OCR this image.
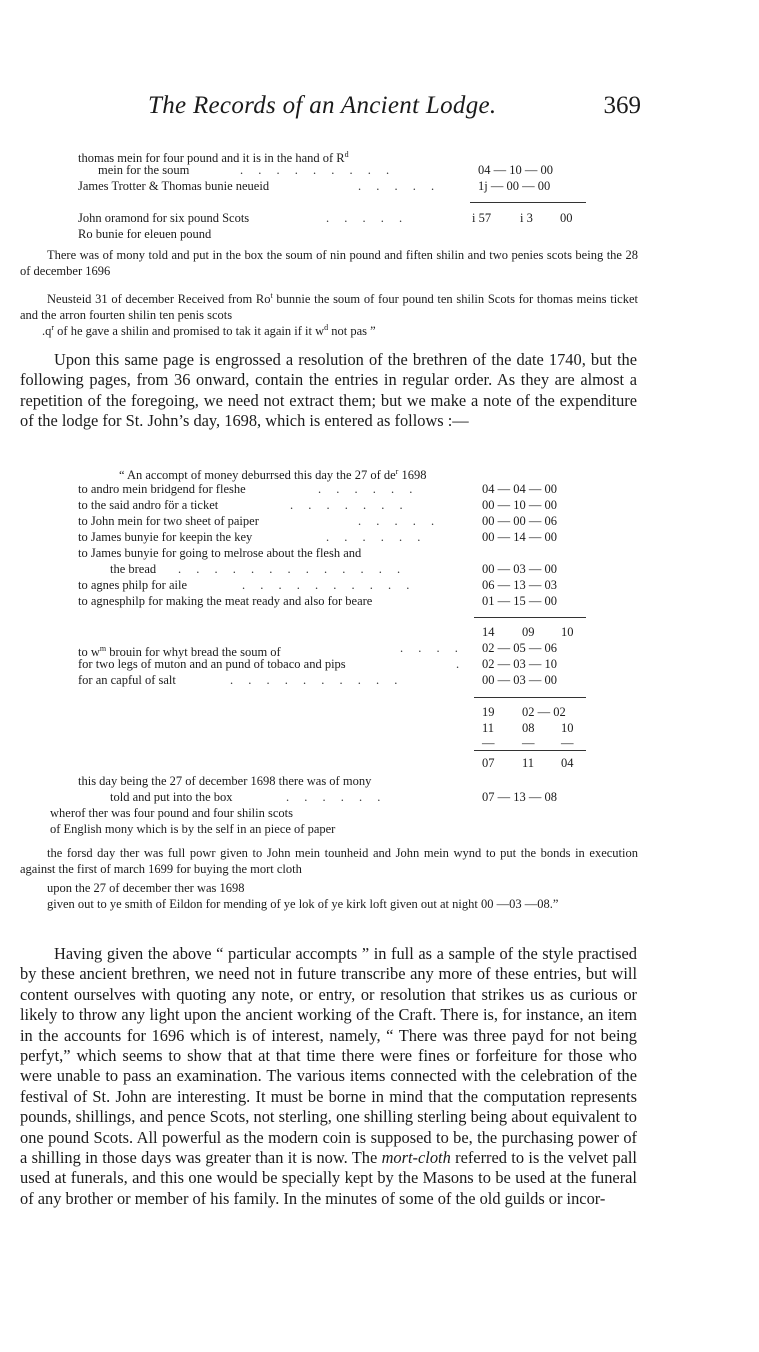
The Records of an Ancient Lodge.	369
thomas mein for four pound and it is in the hand of $R^d$
mein for the soum	. . . . . . . . .	04 — 10 — 00
James Trotter & Thomas bunie neueid	. . . . .	1j — 00 — 00
John oramond for six pound Scots	. . . . .	i 57 i 3 00
Ro bunie for eleuen pound
There was of mony told and put in the box the soum of nin pound and fiften shilin and two penies scots being the 28 of december 1696
Neusteid 31 of december Received from Ro$^t$ bunnie the soum of four pound ten shilin Scots for thomas meins ticket and the arron fourten shilin ten penis scots
$.q^r$ of he gave a shilin and promised to tak it again if it $w^d$ not pas ”

Upon this same page is engrossed a resolution of the brethren of the date 1740, but the following pages, from 36 onward, contain the entries in regular order. As they are almost a repetition of the foregoing, we need not extract them; but we make a note of the expenditure of the lodge for St. John’s day, 1698, which is entered as follows :—

“ An accompt of money deburrsed this day the 27 of $de^r$ 1698
to andro mein bridgend for fleshe	. . . . . .	04 — 04 — 00
to the said andro för a ticket	. . . . . . .	00 — 10 — 00
to John mein for two sheet of paiper	. . . . .	00 — 00 — 06
to James bunyie for keepin the key	. . . . . .	00 — 14 — 00
to James bunyie for going to melrose about the flesh and
the bread . . . . . . . . . . . . .	00 — 03 — 00
to agnes philp for aile	. . . . . . . . . .	06 — 13 — 03
to agnesphilp for making the meat ready and also for beare	01 — 15 — 00
14 09 10
to $w^m$ brouin for whyt bread the soum of	. . . . 02 — 05 — 06
for two legs of muton and an pund of tobaco and pips	. 02 — 03 — 10
for an capful of salt	. . . . . . . . . .	00 — 03 — 00
19 02 — 02
11 08 10
— — —
07 11 04
this day being the 27 of december 1698 there was of mony
told and put into the box	. . . . . .	07 — 13 — 08
wherof ther was four pound and four shilin scots
of English mony which is by the self in an piece of paper
the forsd day ther was full powr given to John mein tounheid and John mein wynd to put the bonds in execution against the first of march 1699 for buying the mort cloth
upon the 27 of december ther was 1698
given out to ye smith of Eildon for mending of ye lok of ye kirk loft given out at night 00 —03 —08.”

Having given the above “ particular accompts ” in full as a sample of the style practised by these ancient brethren, we need not in future transcribe any more of these entries, but will content ourselves with quoting any note, or entry, or resolution that strikes us as curious or likely to throw any light upon the ancient working of the Craft. There is, for instance, an item in the accounts for 1696 which is of interest, namely, “ There was three payd for not being perfyt,” which seems to show that at that time there were fines or forfeiture for those who were unable to pass an examination. The various items connected with the celebration of the festival of St. John are interesting. It must be borne in mind that the computation represents pounds, shillings, and pence Scots, not sterling, one shilling sterling being about equivalent to one pound Scots. All powerful as the modern coin is supposed to be, the purchasing power of a shilling in those days was greater than it is now. The mort-cloth referred to is the velvet pall used at funerals, and this one would be specially kept by the Masons to be used at the funeral of any brother or member of his family. In the minutes of some of the old guilds or incor-
